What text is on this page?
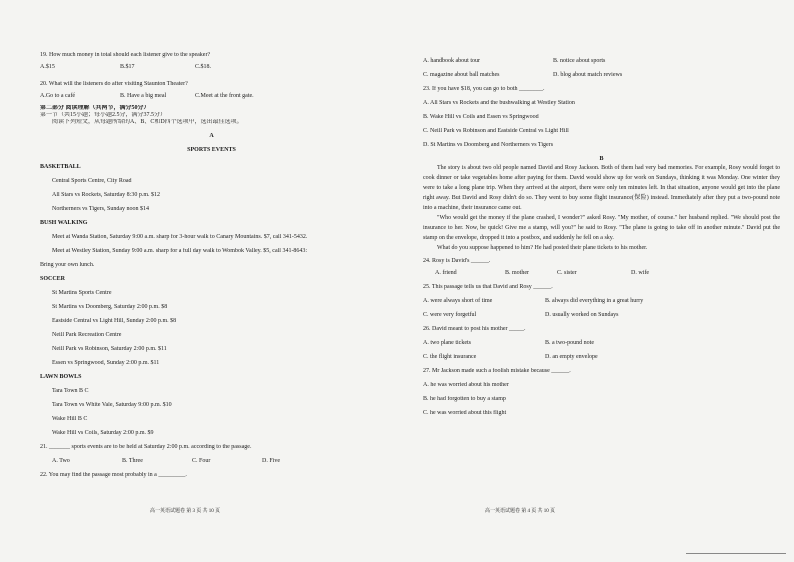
19. How much money in total should each listener give to the speaker?
A.$15	B.$17	C.$18.
20. What will the listeners do after visiting Staunton Theater?
A.Go to a café	B. Have a big meal	C.Meet at the front gate.
第二部分 阅读理解（共两节，满分50分）
第一节（共15小题；每小题2.5分，满分37.5分）
阅读下列短文，从每题所给的A、B、C和D四个选项中，选出最佳选项。
A
SPORTS EVENTS
BASKETBALL
Central Sports Centre, City Road
All Stars vs Rockets, Saturday 8:30 p.m. $12
Northerners vs Tigers, Sunday noon $14
BUSH WALKING
Meet at Wanda Station, Saturday 9:00 a.m. sharp for 3-hour walk to Canary Mountains. $7, call 341-5432.
Meet at Westley Station, Sunday 9:00 a.m. sharp for a full day walk to Wombok Valley. $5, call 341-8643:
Bring your own lunch.
SOCCER
St Martins Sports Centre
St Martins vs Doomberg, Saturday 2:00 p.m. $8
Eastside Central vs Light Hill, Sunday 2:00 p.m. $8
Neill Park Recreation Centre
Neill Park vs Robinson, Saturday 2:00 p.m. $11
Essen vs Springwood, Sunday 2:00 p.m. $11
LAWN BOWLS
Tara Town B C
Tara Town vs White Vale, Saturday 9:00 p.m. $10
Wake Hill B C
Wake Hill vs Coils, Saturday 2:00 p.m. $9
21. _______ sports events are to be held at Saturday 2:00 p.m. according to the passage.
A. Two	B. Three	C. Four	D. Five
22. You may find the passage most probably in a _________.
高一英语试题卷 第 3 页 共 10 页
A. handbook about tour	B. notice about sports
C. magazine about ball matches	D. blog about match reviews
23. If you have $18, you can go to both ________.
A. All Stars vs Rockets and the bushwalking at Westley Station
B. Wake Hill vs Coils and Essen vs Springwood
C. Neill Park vs Robinson and Eastside Central vs Light Hill
D. St Martins vs Doomberg and Northerners vs Tigers
B

The story is about two old people named David and Rosy Jackson. Both of them had very bad memories. For example, Rosy would forget to cook dinner or take vegetables home after paying for them. David would show up for work on Sundays, thinking it was Monday. One winter they were to take a long plane trip. When they arrived at the airport, there were only ten minutes left. In that situation, anyone would get into the plane right away. But David and Rosy didn't do so. They went to buy some flight insurance(保险) instead. Immediately after they put a two-pound note into a machine, their insurance came out.

"Who would get the money if the plane crashed, I wonder?" asked Rosy. "My mother, of course." her husband replied. "We should post the insurance to her. Now, be quick! Give me a stamp, will you?" he said to Rosy. "The plane is going to take off in another minute." David put the stamp on the envelope, dropped it into a postbox, and suddenly he fell on a sky.

What do you suppose happened to him? He had posted their plane tickets to his mother.

24. Rosy is David's ______.
A. friend	B. mother	C. sister	D. wife
25. This passage tells us that David and Rosy ______.
A. were always short of time	B. always did everything in a great hurry
C. were very forgetful	D. usually worked on Sundays
26. David meant to post his mother _____.
A. two plane tickets	B. a two-pound note
C. the flight insurance	D. an empty envelope
27. Mr Jackson made such a foolish mistake because ______.
A. he was worried about his mother
B. he had forgotten to buy a stamp
C. he was worried about this flight
高一英语试题卷 第 4 页 共 10 页
